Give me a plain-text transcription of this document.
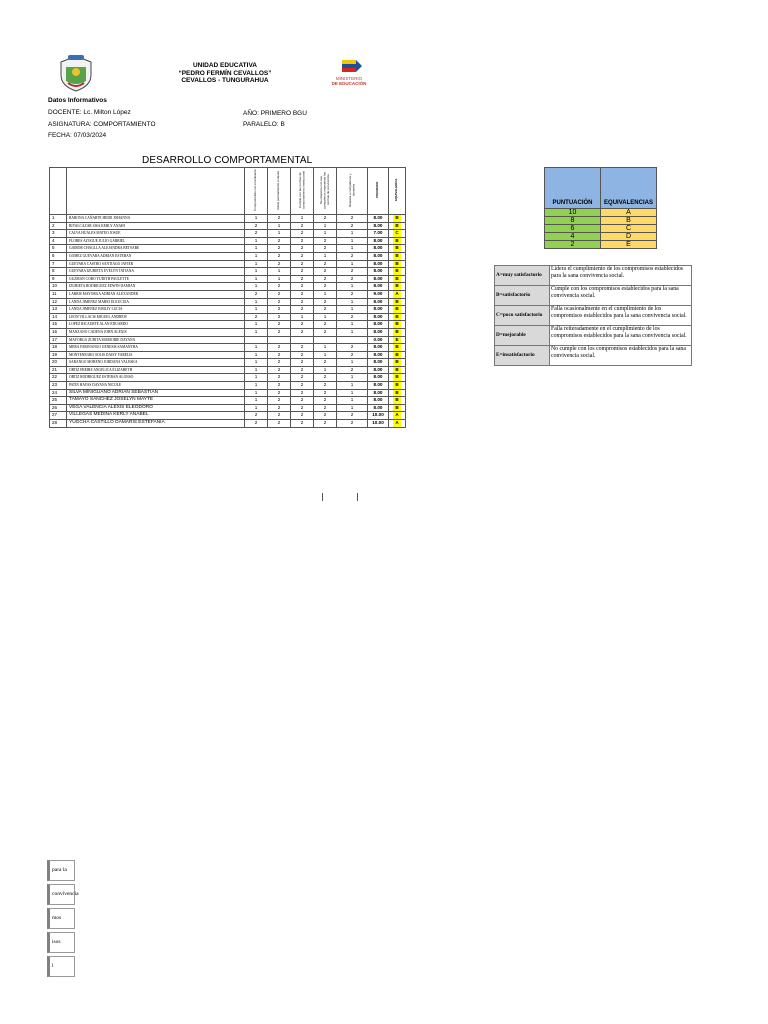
UNIDAD EDUCATIVA
“PEDRO FERMÍN CEVALLOS”
CEVALLOS - TUNGURAHUA	MINISTERIO
DE EDUCACIÓN
Datos Informativos
DOCENTE: Lc. Milton López
ASIGNATURA: COMPORTAMIENTO
FECHA: 07/03/2024
AÑO: PRIMERO BGU
PARALELO: B
DESARROLLO COMPORTAMENTAL
		Comprometido con el ambiente	Asiste puntualmente a clases	Cumple con las normas de comportamiento institucional	Se relaciona con sus compañeros respetando las normas de convivencia	Respeta a compañeros y docentes	PROMEDIO	EQUIVALENCIA
1	BARONA CAÑARTE HEIDI JOHANNA	1	2	1	2	2	8.00	B
2	BIVALCAZAR SISA KERLY ANAHI	2	1	2	1	2	8.00	B
3	CALVA HUALES MATEO JOSUE	2	1	2	1	1	7.00	C
4	FLORES AZOGUE JULIO GABRIEL	1	2	2	2	1	8.00	B
5	GAIBOR CHAGLLA ALEJANDRA BETSABE	1	2	2	2	1	8.00	B
6	GOMEZ GUEVARA ADRIAN ESTEBAN	1	2	2	1	2	8.00	B
7	GUEVARA CASTRO SANTIAGO JAVIER	1	2	2	2	1	8.00	B
8	GUEVARA IZURIETA EVELYN TATIANA	1	1	2	2	2	8.00	B
9	GUZMAN CORO YUDITH PAULETTE	1	1	2	2	2	8.00	B
10	IZURIETA RODRIGUEZ EDWIN DAMIAN	1	2	2	2	1	8.00	B
11	LARRIS MAYORGA ADRIAN ALEXANDER	2	2	2	1	2	9.00	A
12	LANDA JIMENEZ MARIO ELEUCUIA	1	2	2	2	1	8.00	B
13	LANDA JIMENEZ EMILIY LUCIA	1	2	2	2	1	8.00	B
14	LEON VILLACIS MIGUEL ANDREW	2	2	1	1	2	8.00	B
15	LOPEZ RICAURTE ALAN EDUARDO	1	2	2	2	1	8.00	B
16	MANZANO CADENA JOHN ALEXIS	1	2	2	2	1	8.00	B
17	MAYORGA ZURITA MARJORIE DAYANA						0.00	E
18	MERA FARINANGO GENESIS SAMANTHA	1	2	2	1	2	8.00	B
19	MONTENEGRO SOLIS DAISY YARELIS	1	2	2	1	2	8.00	B
20	SARANGO MORENO JORDANA VALESKA	1	2	2	2	1	8.00	B
21	ORTIZ FREIRE ANGELICA ELIZABETH	1	2	2	1	2	8.00	B
22	ORTIZ RODRIGUEZ ESTEBAN ALONSO	1	2	2	2	1	8.00	B
23	PATIN HAYAS DAYANA NICOLE	1	2	2	2	1	8.00	B
24	SILVA MINIGUANO ADRIAN SEBASTIAN	1	2	2	2	1	8.00	B
25	TAMAYO SANCHEZ JOSELYN MAYTE	1	2	2	2	1	8.00	B
26	VEGA VALENCIA ALEXIS ELEODORO	1	2	2	2	1	8.00	B
27	VILLEGAS MEDINA KERLY ANABEL	2	2	2	2	2	10.00	A
28	YUGCHA CASTILLO DAMARIS ESTEFANIA	2	2	2	2	2	10.00	A
PUNTUACIÓN	EQUIVALENCIAS
10	A
8	B
6	C
4	D
2	E
A=muy satisfactorio	Lidera el cumplimiento de los compromisos establecidos para la sana convivencia social.
B=satisfactorio	Cumple con los compromisos establecidos para la sana convivencia social.
C=poco satisfactorio	Falla ocasionalmente en el cumplimiento de los compromisos establecidos para la sana convivencia social.
D=mejorable	Falla reiteradamente en el cumplimiento de los compromisos establecidos para la sana convivencia social.
E=insatisfactorio	No cumple con los compromisos establecidos para la sana convivencia social.
para la
convivencia
mos
isos
l
